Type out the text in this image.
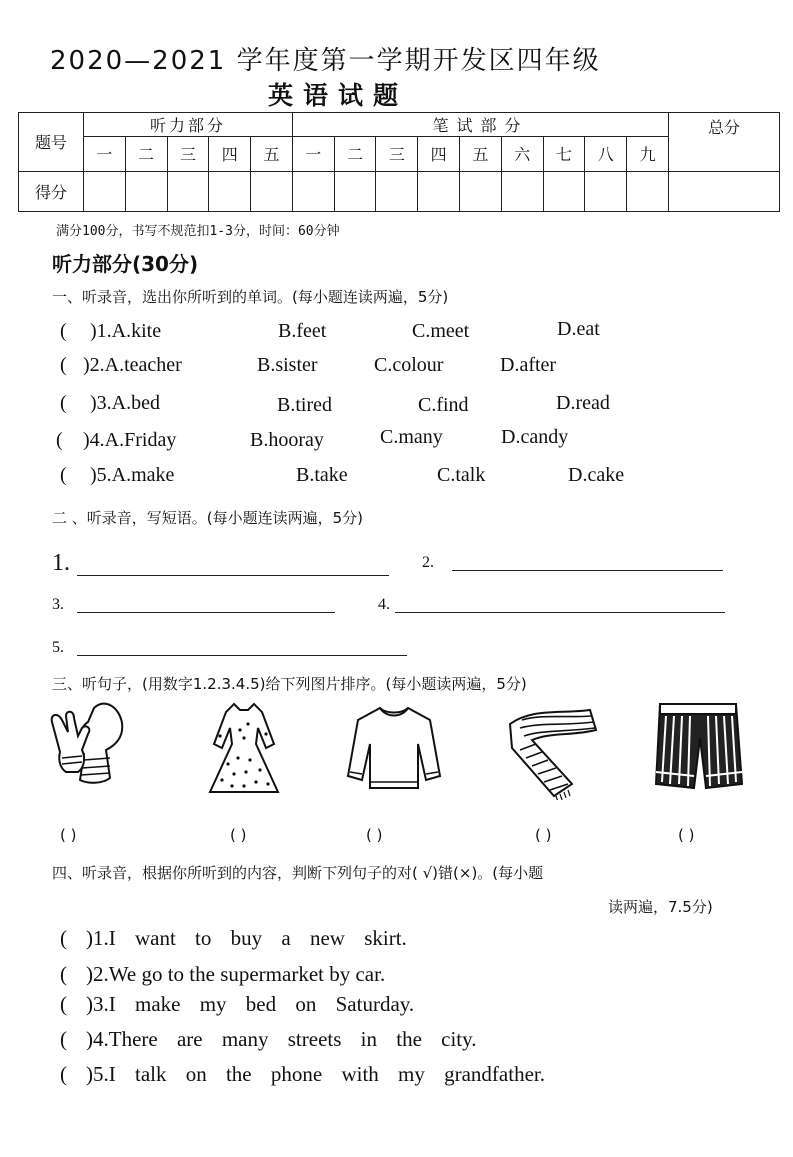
2020—2021 学年度第一学期开发区四年级
英语试题
题号	听力部分					笔试部分									总分
	一	二	三	四	五	一	二	三	四	五	六	七	八	九	
得分															
满分100分，书写不规范扣1-3分，时间：60分钟
听力部分(30分)
一、听录音，选出你所听到的单词。(每小题连读两遍，5分)
( )1.A.kite	B.feet	C.meet	D.eat
( )2.A.teacher	B.sister	C.colour	D.after
( )3.A.bed	B.tired	C.find	D.read
( )4.A.Friday	B.hooray	C.many	D.candy
( )5.A.make	B.take	C.talk	D.cake
二 、听录音，写短语。(每小题连读两遍，5分)
1.	2.
3.	4.
5.
三、听句子，(用数字1.2.3.4.5)给下列图片排序。(每小题读两遍，5分)
( )	( )	( )	( )	( )
四、听录音，根据你所听到的内容，判断下列句子的对( √)错(×)。(每小题
读两遍，7.5分)
( )1.I want to buy a new skirt.
( )2.We go to the supermarket by car.
( )3.I make my bed on Saturday.
( )4.There are many streets in the city.
( )5.I talk on the phone with my grandfather.
